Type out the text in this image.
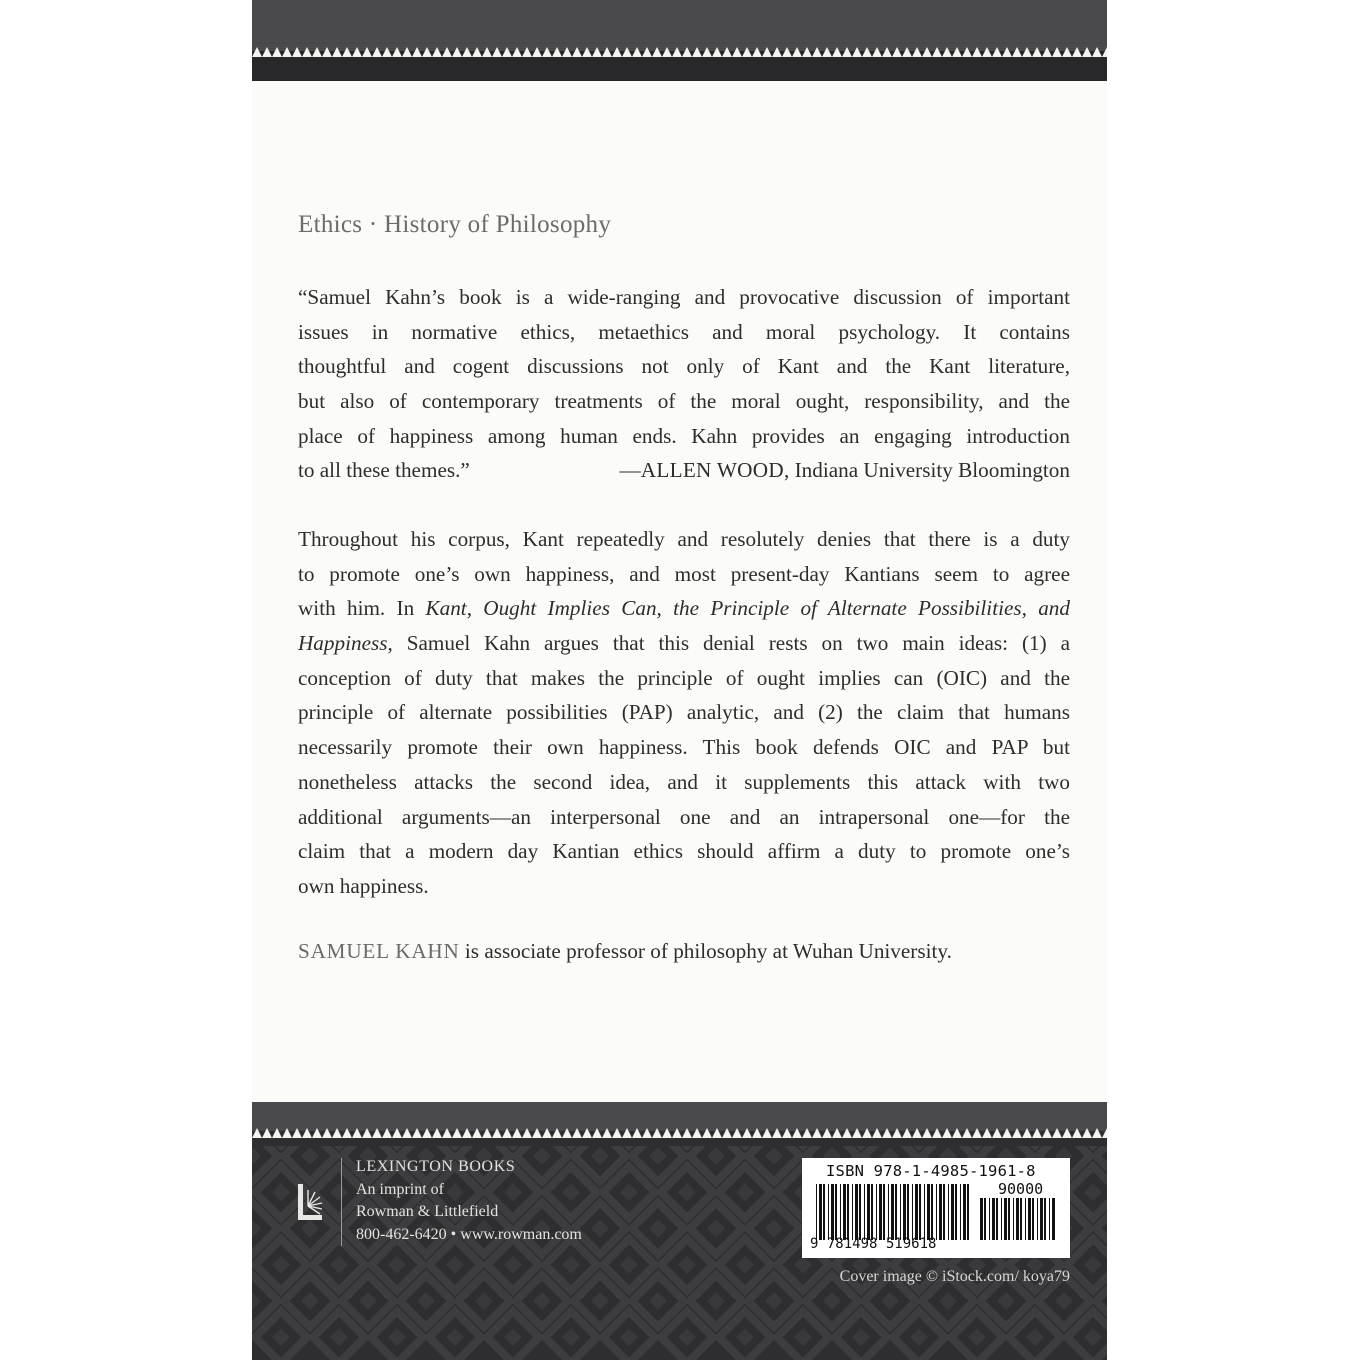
Ethics · History of Philosophy
“Samuel Kahn’s book is a wide-ranging and provocative discussion of important
issues in normative ethics, metaethics and moral psychology. It contains
thoughtful and cogent discussions not only of Kant and the Kant literature,
but also of contemporary treatments of the moral ought, responsibility, and the
place of happiness among human ends. Kahn provides an engaging introduction
to all these themes.”	—ALLEN WOOD, Indiana University Bloomington
Throughout his corpus, Kant repeatedly and resolutely denies that there is a duty
to promote one’s own happiness, and most present-day Kantians seem to agree
with him. In Kant, Ought Implies Can, the Principle of Alternate Possibilities, and
Happiness, Samuel Kahn argues that this denial rests on two main ideas: (1) a
conception of duty that makes the principle of ought implies can (OIC) and the
principle of alternate possibilities (PAP) analytic, and (2) the claim that humans
necessarily promote their own happiness. This book defends OIC and PAP but
nonetheless attacks the second idea, and it supplements this attack with two
additional arguments—an interpersonal one and an intrapersonal one—for the
claim that a modern day Kantian ethics should affirm a duty to promote one’s
own happiness.
SAMUEL KAHN is associate professor of philosophy at Wuhan University.
LEXINGTON BOOKS
An imprint of
Rowman & Littlefield
800-462-6420 • www.rowman.com
ISBN 978-1-4985-1961-8
90000
9 781498 519618
Cover image © iStock.com/ koya79
